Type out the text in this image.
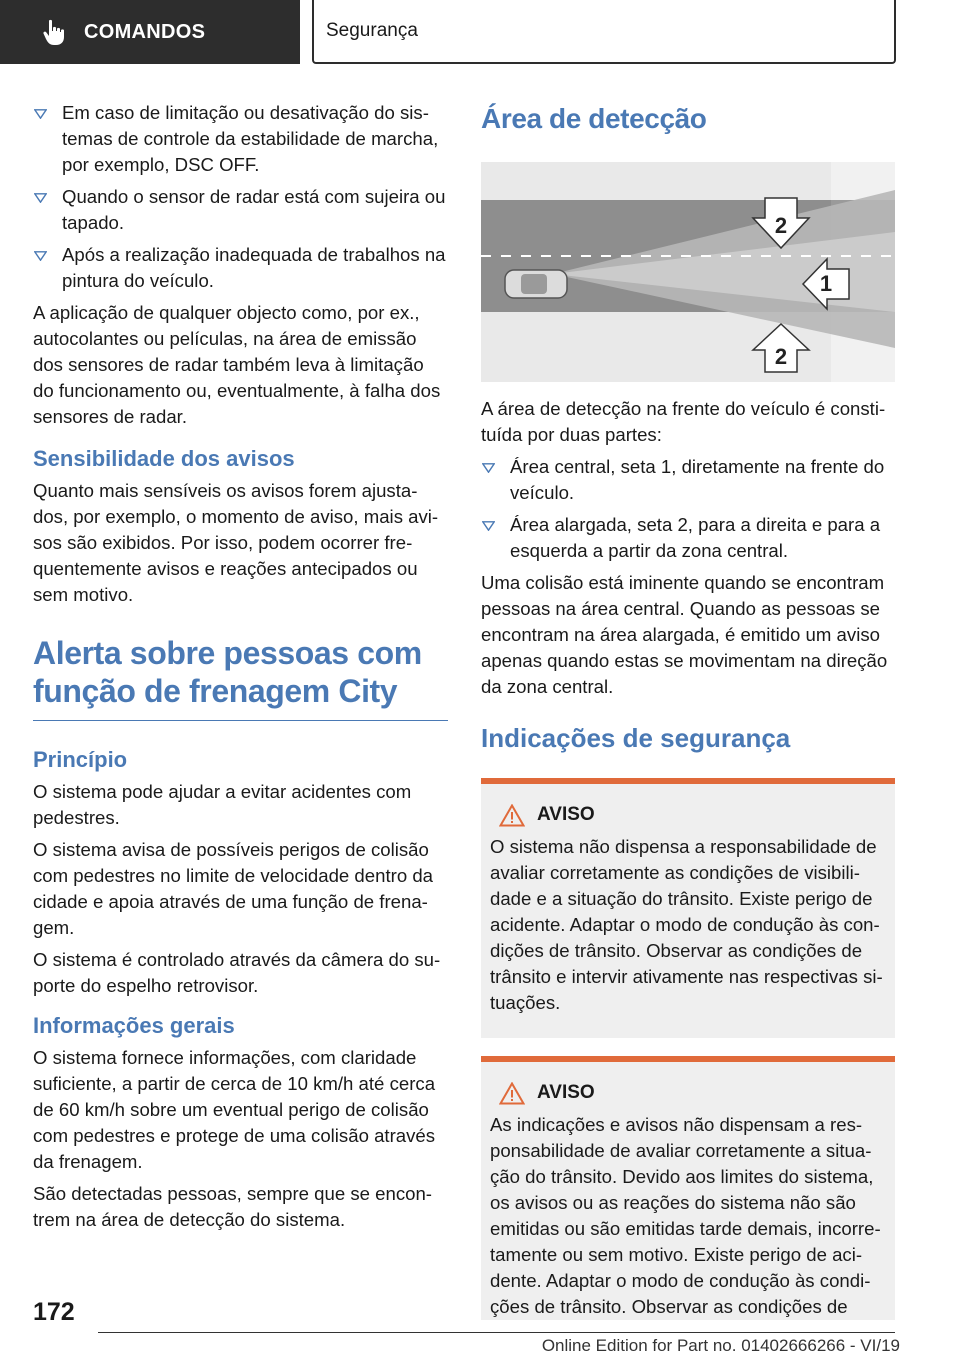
COMANDOS	Segurança
Em caso de limitação ou desativação do sis-temas de controle da estabilidade de marcha, por exemplo, DSC OFF.
Quando o sensor de radar está com sujeira ou tapado.
Após a realização inadequada de trabalhos na pintura do veículo.

A aplicação de qualquer objecto como, por ex., autocolantes ou películas, na área de emissão dos sensores de radar também leva à limitação do funcionamento ou, eventualmente, à falha dos sensores de radar.

Sensibilidade dos avisos

Quanto mais sensíveis os avisos forem ajusta-dos, por exemplo, o momento de aviso, mais avi-sos são exibidos. Por isso, podem ocorrer fre-quentemente avisos e reações antecipados ou sem motivo.

Alerta sobre pessoas com função de frenagem City
Princípio

O sistema pode ajudar a evitar acidentes com pedestres.

O sistema avisa de possíveis perigos de colisão com pedestres no limite de velocidade dentro da cidade e apoia através de uma função de frena-gem.

O sistema é controlado através da câmera do su-porte do espelho retrovisor.

Informações gerais

O sistema fornece informações, com claridade suficiente, a partir de cerca de 10 km/h até cerca de 60 km/h sobre um eventual perigo de colisão com pedestres e protege de uma colisão através da frenagem.

São detectadas pessoas, sempre que se encon-trem na área de detecção do sistema.

Área de detecção
1
2
2

A área de detecção na frente do veículo é consti-tuída por duas partes:

Área central, seta 1, diretamente na frente do veículo.
Área alargada, seta 2, para a direita e para a esquerda a partir da zona central.

Uma colisão está iminente quando se encontram pessoas na área central. Quando as pessoas se encontram na área alargada, é emitido um aviso apenas quando estas se movimentam na direção da zona central.

Indicações de segurança
AVISO

O sistema não dispensa a responsabilidade de avaliar corretamente as condições de visibili-dade e a situação do trânsito. Existe perigo de acidente. Adaptar o modo de condução às con-dições de trânsito. Observar as condições de trânsito e intervir ativamente nas respectivas si-tuações.

AVISO

As indicações e avisos não dispensam a res-ponsabilidade de avaliar corretamente a situa-ção do trânsito. Devido aos limites do sistema, os avisos ou as reações do sistema não são emitidas ou são emitidas tarde demais, incorre-tamente ou sem motivo. Existe perigo de aci-dente. Adaptar o modo de condução às condi-ções de trânsito. Observar as condições de

172
Online Edition for Part no. 01402666266 - VI/19
